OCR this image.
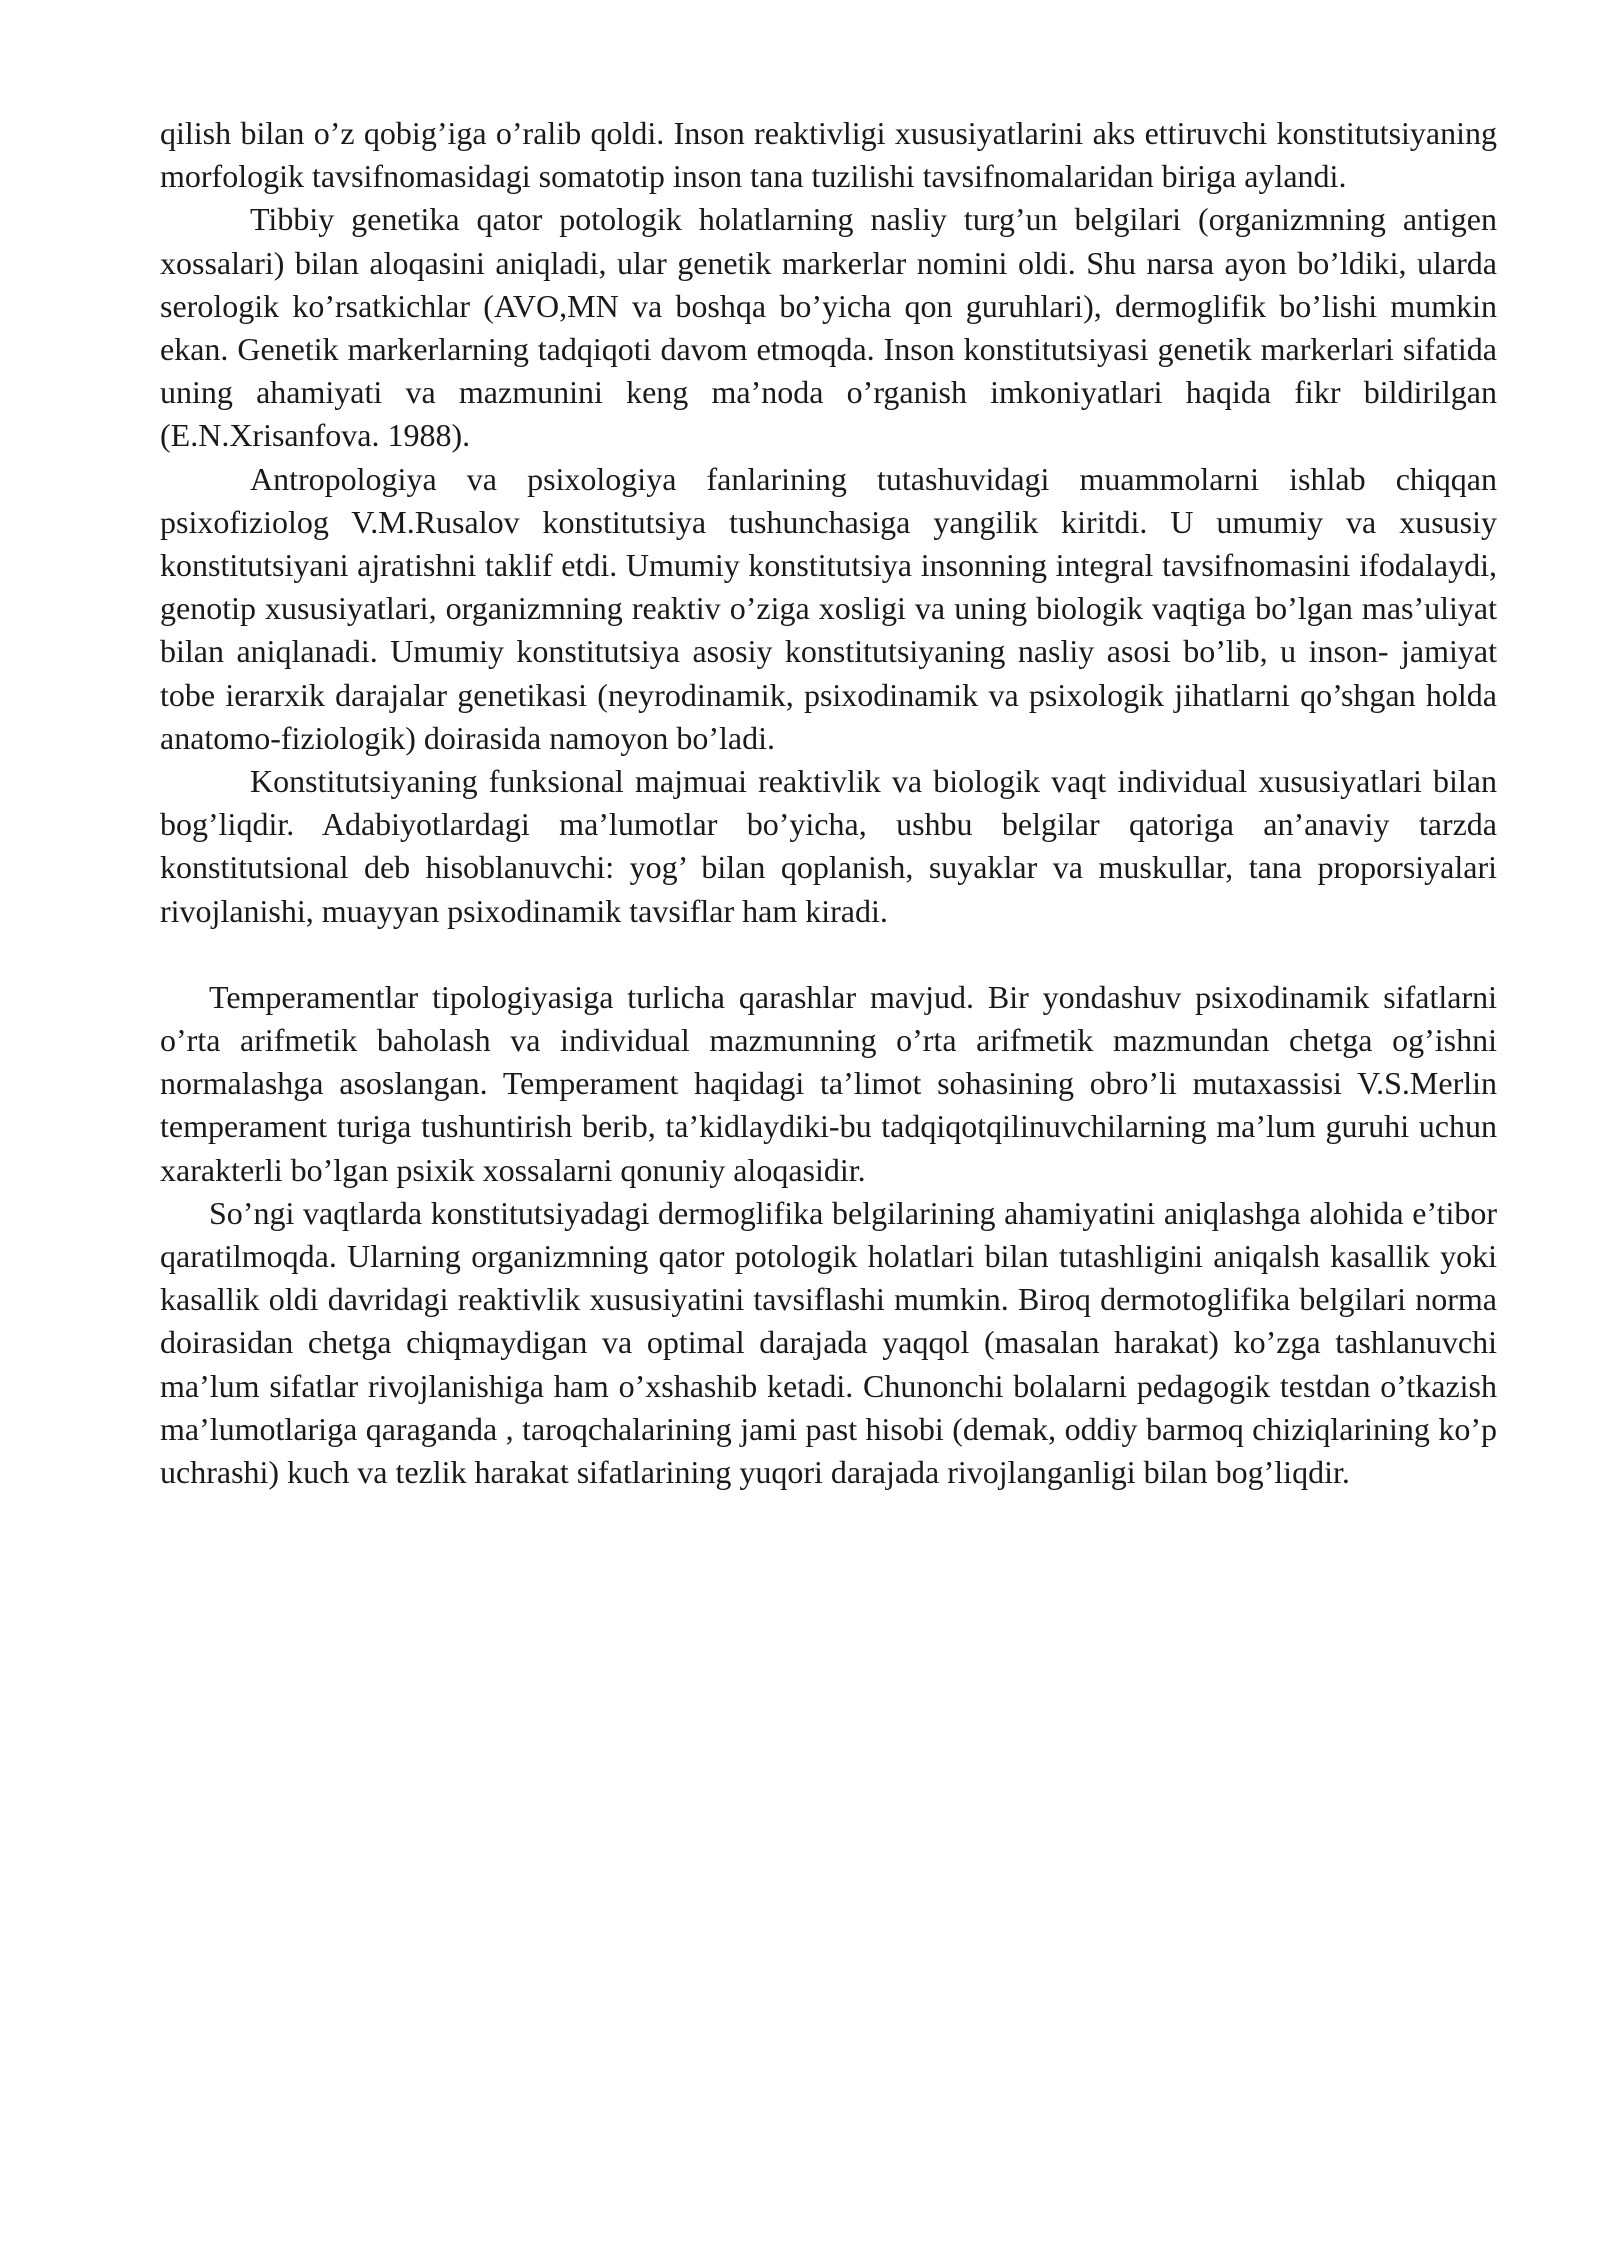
qilish bilan o’z qobig’iga o’ralib qoldi. Inson reaktivligi xususiyatlarini aks ettiruvchi konstitutsiyaning morfologik tavsifnomasidagi somatotip inson tana tuzilishi tavsifnomalaridan biriga aylandi.

Tibbiy genetika qator potologik holatlarning nasliy turg’un belgilari (organizmning antigen xossalari) bilan aloqasini aniqladi, ular genetik markerlar nomini oldi. Shu narsa ayon bo’ldiki, ularda serologik ko’rsatkichlar (AVO,MN va boshqa bo’yicha qon guruhlari), dermoglifik bo’lishi mumkin ekan. Genetik markerlarning tadqiqoti davom etmoqda. Inson konstitutsiyasi genetik markerlari sifatida uning ahamiyati va mazmunini keng ma’noda o’rganish imkoniyatlari haqida fikr bildirilgan (E.N.Xrisanfova. 1988).

Antropologiya va psixologiya fanlarining tutashuvidagi muammolarni ishlab chiqqan psixofiziolog V.M.Rusalov konstitutsiya tushunchasiga yangilik kiritdi. U umumiy va xususiy konstitutsiyani ajratishni taklif etdi. Umumiy konstitutsiya insonning integral tavsifnomasini ifodalaydi, genotip xususiyatlari, organizmning reaktiv o’ziga xosligi va uning biologik vaqtiga bo’lgan mas’uliyat bilan aniqlanadi. Umumiy konstitutsiya asosiy konstitutsiyaning nasliy asosi bo’lib, u inson- jamiyat tobe ierarxik darajalar genetikasi (neyrodinamik, psixodinamik va psixologik jihatlarni qo’shgan holda anatomo-fiziologik) doirasida namoyon bo’ladi.

Konstitutsiyaning funksional majmuai reaktivlik va biologik vaqt individual xususiyatlari bilan bog’liqdir. Adabiyotlardagi ma’lumotlar bo’yicha, ushbu belgilar qatoriga an’anaviy tarzda konstitutsional deb hisoblanuvchi: yog’ bilan qoplanish, suyaklar va muskullar, tana proporsiyalari rivojlanishi, muayyan psixodinamik tavsiflar ham kiradi.

Temperamentlar tipologiyasiga turlicha qarashlar mavjud. Bir yondashuv psixodinamik sifatlarni o’rta arifmetik baholash va individual mazmunning o’rta arifmetik mazmundan chetga og’ishni normalashga asoslangan. Temperament haqidagi ta’limot sohasining obro’li mutaxassisi V.S.Merlin temperament turiga tushuntirish berib, ta’kidlaydiki-bu tadqiqotqilinuvchilarning ma’lum guruhi uchun xarakterli bo’lgan psixik xossalarni qonuniy aloqasidir.

So’ngi vaqtlarda konstitutsiyadagi dermoglifika belgilarining ahamiyatini aniqlashga alohida e’tibor qaratilmoqda. Ularning organizmning qator potologik holatlari bilan tutashligini aniqalsh kasallik yoki kasallik oldi davridagi reaktivlik xususiyatini tavsiflashi mumkin. Biroq dermotoglifika belgilari norma doirasidan chetga chiqmaydigan va optimal darajada yaqqol (masalan harakat) ko’zga tashlanuvchi ma’lum sifatlar rivojlanishiga ham o’xshashib ketadi. Chunonchi bolalarni pedagogik testdan o’tkazish ma’lumotlariga qaraganda , taroqchalarining jami past hisobi (demak, oddiy barmoq chiziqlarining ko’p uchrashi) kuch va tezlik harakat sifatlarining yuqori darajada rivojlanganligi bilan bog’liqdir.
